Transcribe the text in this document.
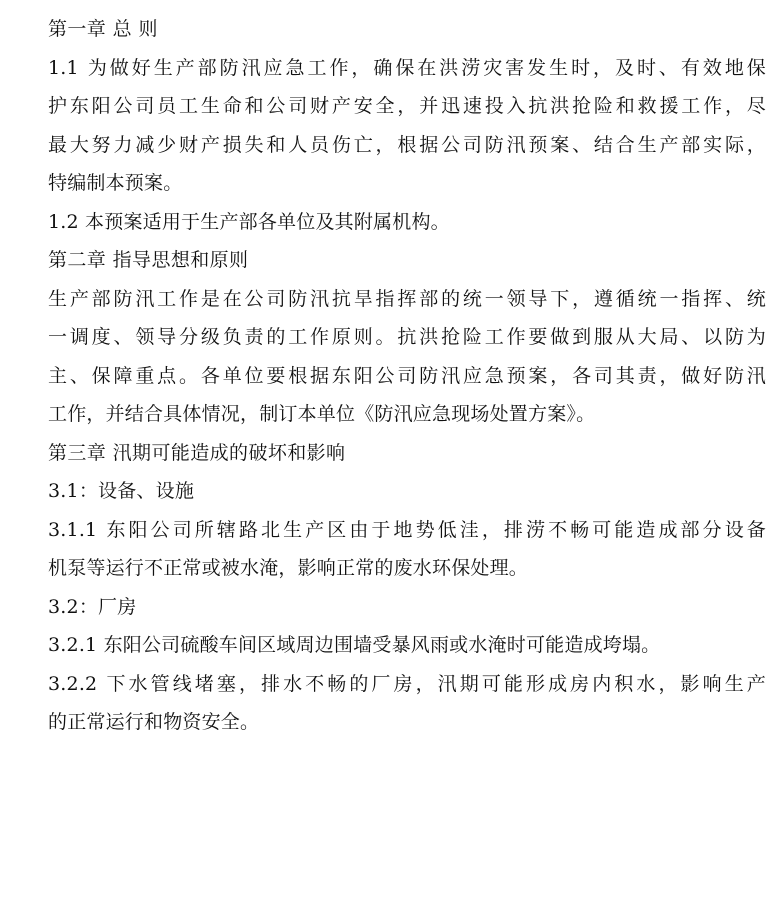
第一章 总 则
1.1 为做好生产部防汛应急工作，确保在洪涝灾害发生时，及时、有效地保
护东阳公司员工生命和公司财产安全，并迅速投入抗洪抢险和救援工作，尽
最大努力减少财产损失和人员伤亡，根据公司防汛预案、结合生产部实际，
特编制本预案。
1.2 本预案适用于生产部各单位及其附属机构。
第二章 指导思想和原则
生产部防汛工作是在公司防汛抗旱指挥部的统一领导下，遵循统一指挥、统
一调度、领导分级负责的工作原则。抗洪抢险工作要做到服从大局、以防为
主、保障重点。各单位要根据东阳公司防汛应急预案，各司其责，做好防汛
工作，并结合具体情况，制订本单位《防汛应急现场处置方案》。
第三章 汛期可能造成的破坏和影响
3.1：设备、设施
3.1.1 东阳公司所辖路北生产区由于地势低洼，排涝不畅可能造成部分设备
机泵等运行不正常或被水淹，影响正常的废水环保处理。
3.2：厂房
3.2.1 东阳公司硫酸车间区域周边围墙受暴风雨或水淹时可能造成垮塌。
3.2.2 下水管线堵塞，排水不畅的厂房，汛期可能形成房内积水，影响生产
的正常运行和物资安全。
